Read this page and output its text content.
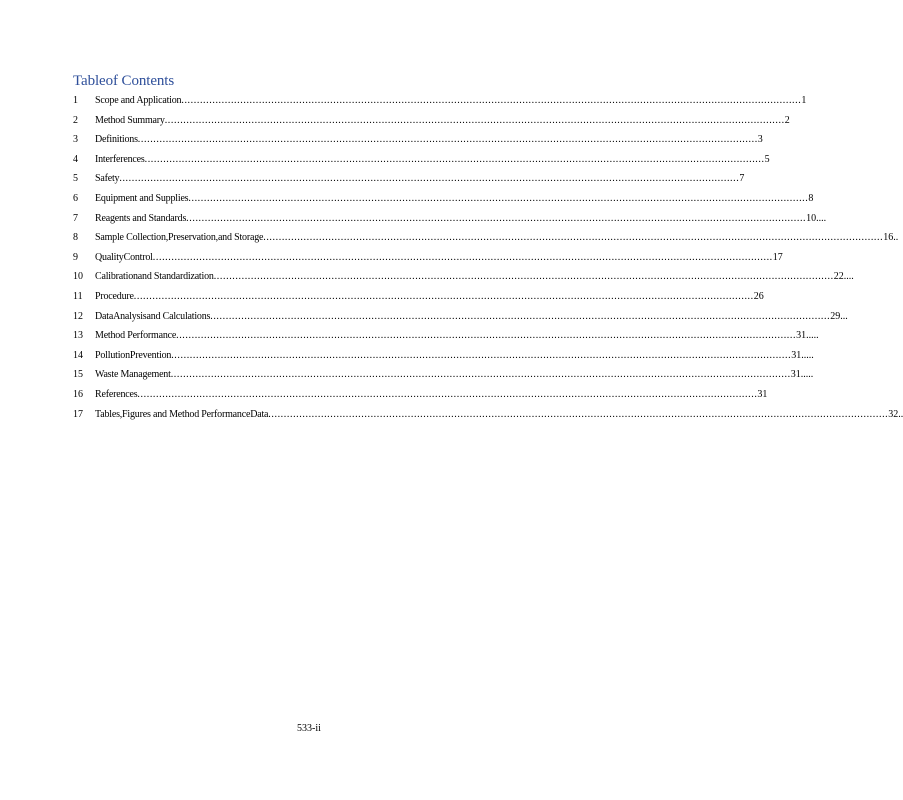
Tableof Contents
1	Scope and Application ........................................................................................................................................................................................................ 1
2	Method Summary ........................................................................................................................................................................................................ 2
3	Definitions ........................................................................................................................................................................................................ 3
4	Interferences ........................................................................................................................................................................................................ 5
5	Safety ........................................................................................................................................................................................................ 7
6	Equipment and Supplies ........................................................................................................................................................................................................ 8
7	Reagents and Standards ........................................................................................................................................................................................................ 10....
8	Sample Collection,Preservation,and Storage ........................................................................................................................................................................................................ 16..
9	QualityControl ........................................................................................................................................................................................................ 17
10	Calibrationand Standardization ........................................................................................................................................................................................................ 22....
11	Procedure ........................................................................................................................................................................................................ 26
12	DataAnalysisand Calculations ........................................................................................................................................................................................................ 29...
13	Method Performance ........................................................................................................................................................................................................ 31.....
14	PollutionPrevention ........................................................................................................................................................................................................ 31.....
15	Waste Management ........................................................................................................................................................................................................ 31.....
16	References ........................................................................................................................................................................................................ 31
17	Tables,Figures and Method PerformanceData ........................................................................................................................................................................................................ 32..
533-ii
